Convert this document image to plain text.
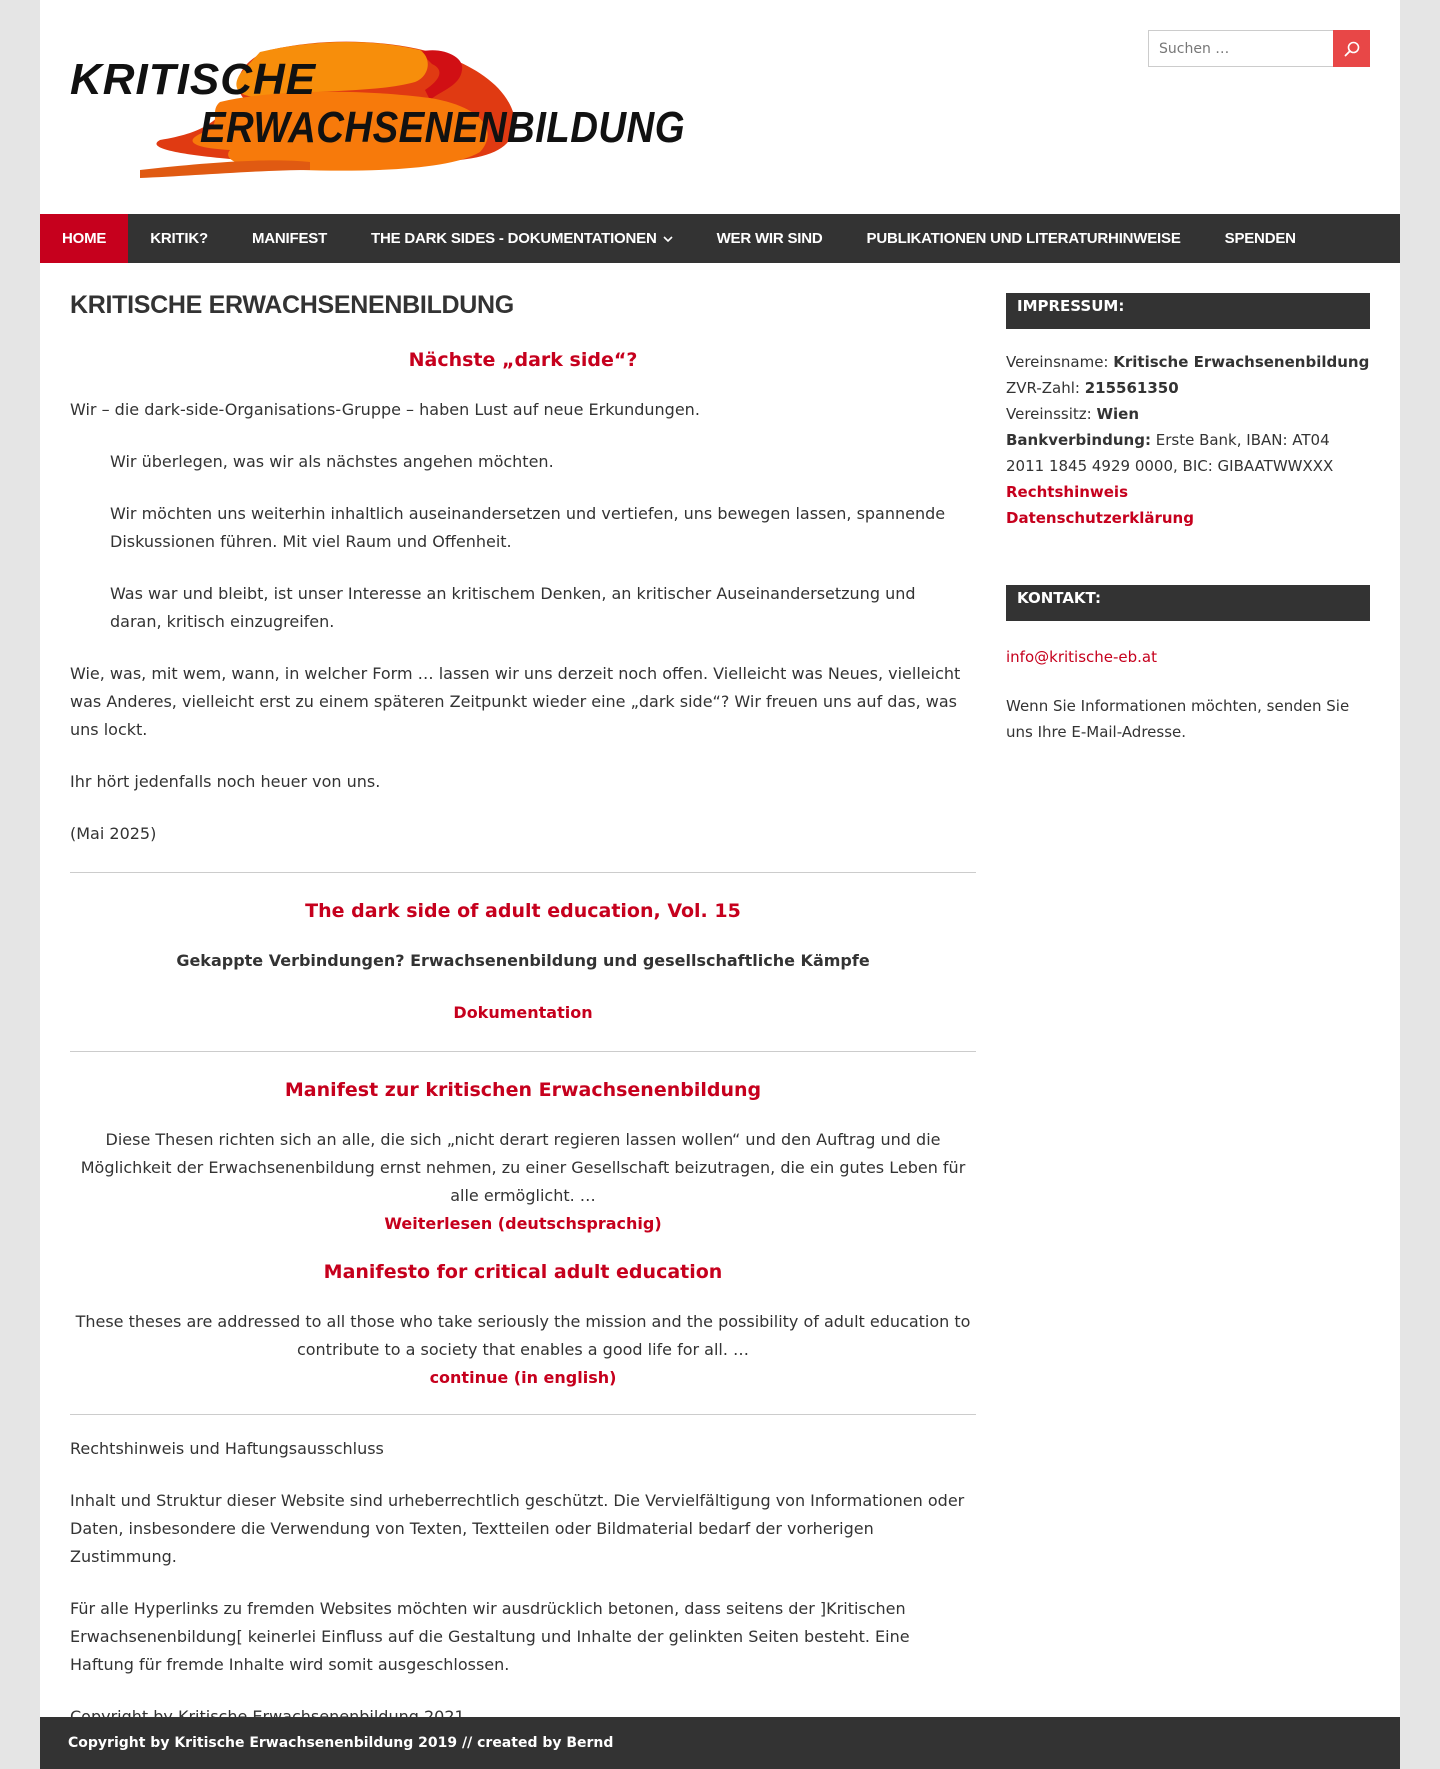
KRITISCHE
ERWACHSENENBILDUNG
Suchen …
HOME	KRITIK?	MANIFEST	THE DARK SIDES - DOKUMENTATIONEN	WER WIR SIND	PUBLIKATIONEN UND LITERATURHINWEISE	SPENDEN
KRITISCHE ERWACHSENENBILDUNG
Nächste „dark side“?

Wir – die dark-side-Organisations-Gruppe – haben Lust auf neue Erkundungen.

Wir überlegen, was wir als nächstes angehen möchten.

Wir möchten uns weiterhin inhaltlich auseinandersetzen und vertiefen, uns bewegen lassen, spannende Diskussionen führen. Mit viel Raum und Offenheit.

Was war und bleibt, ist unser Interesse an kritischem Denken, an kritischer Auseinandersetzung und daran, kritisch einzugreifen.

Wie, was, mit wem, wann, in welcher Form … lassen wir uns derzeit noch offen. Vielleicht was Neues, vielleicht was Anderes, vielleicht erst zu einem späteren Zeitpunkt wieder eine „dark side“? Wir freuen uns auf das, was uns lockt.

Ihr hört jedenfalls noch heuer von uns.

(Mai 2025)

The dark side of adult education, Vol. 15

Gekappte Verbindungen? Erwachsenenbildung und gesellschaftliche Kämpfe

Dokumentation

Manifest zur kritischen Erwachsenenbildung

Diese Thesen richten sich an alle, die sich „nicht derart regieren lassen wollen“ und den Auftrag und die Möglichkeit der Erwachsenenbildung ernst nehmen, zu einer Gesellschaft beizutragen, die ein gutes Leben für alle ermöglicht. …

Weiterlesen (deutschsprachig)

Manifesto for critical adult education

These theses are addressed to all those who take seriously the mission and the possibility of adult education to contribute to a society that enables a good life for all. …

continue (in english)

Rechtshinweis und Haftungsausschluss

Inhalt und Struktur dieser Website sind urheberrechtlich geschützt. Die Vervielfältigung von Informationen oder Daten, insbesondere die Verwendung von Texten, Textteilen oder Bildmaterial bedarf der vorherigen Zustimmung.

Für alle Hyperlinks zu fremden Websites möchten wir ausdrücklich betonen, dass seitens der ]Kritischen Erwachsenenbildung[ keinerlei Einfluss auf die Gestaltung und Inhalte der gelinkten Seiten besteht. Eine Haftung für fremde Inhalte wird somit ausgeschlossen.

IMPRESSUM:
Vereinsname: Kritische Erwachsenenbildung
ZVR-Zahl: 215561350
Vereinssitz: Wien
Bankverbindung: Erste Bank, IBAN: AT04 2011 1845 4929 0000, BIC: GIBAATWWXXX
Rechtshinweis
Datenschutzerklärung
KONTAKT:
info@kritische-eb.at

Wenn Sie Informationen möchten, senden Sie uns Ihre E-Mail-Adresse.

Copyright by Kritische Erwachsenenbildung 2019 // created by Bernd
